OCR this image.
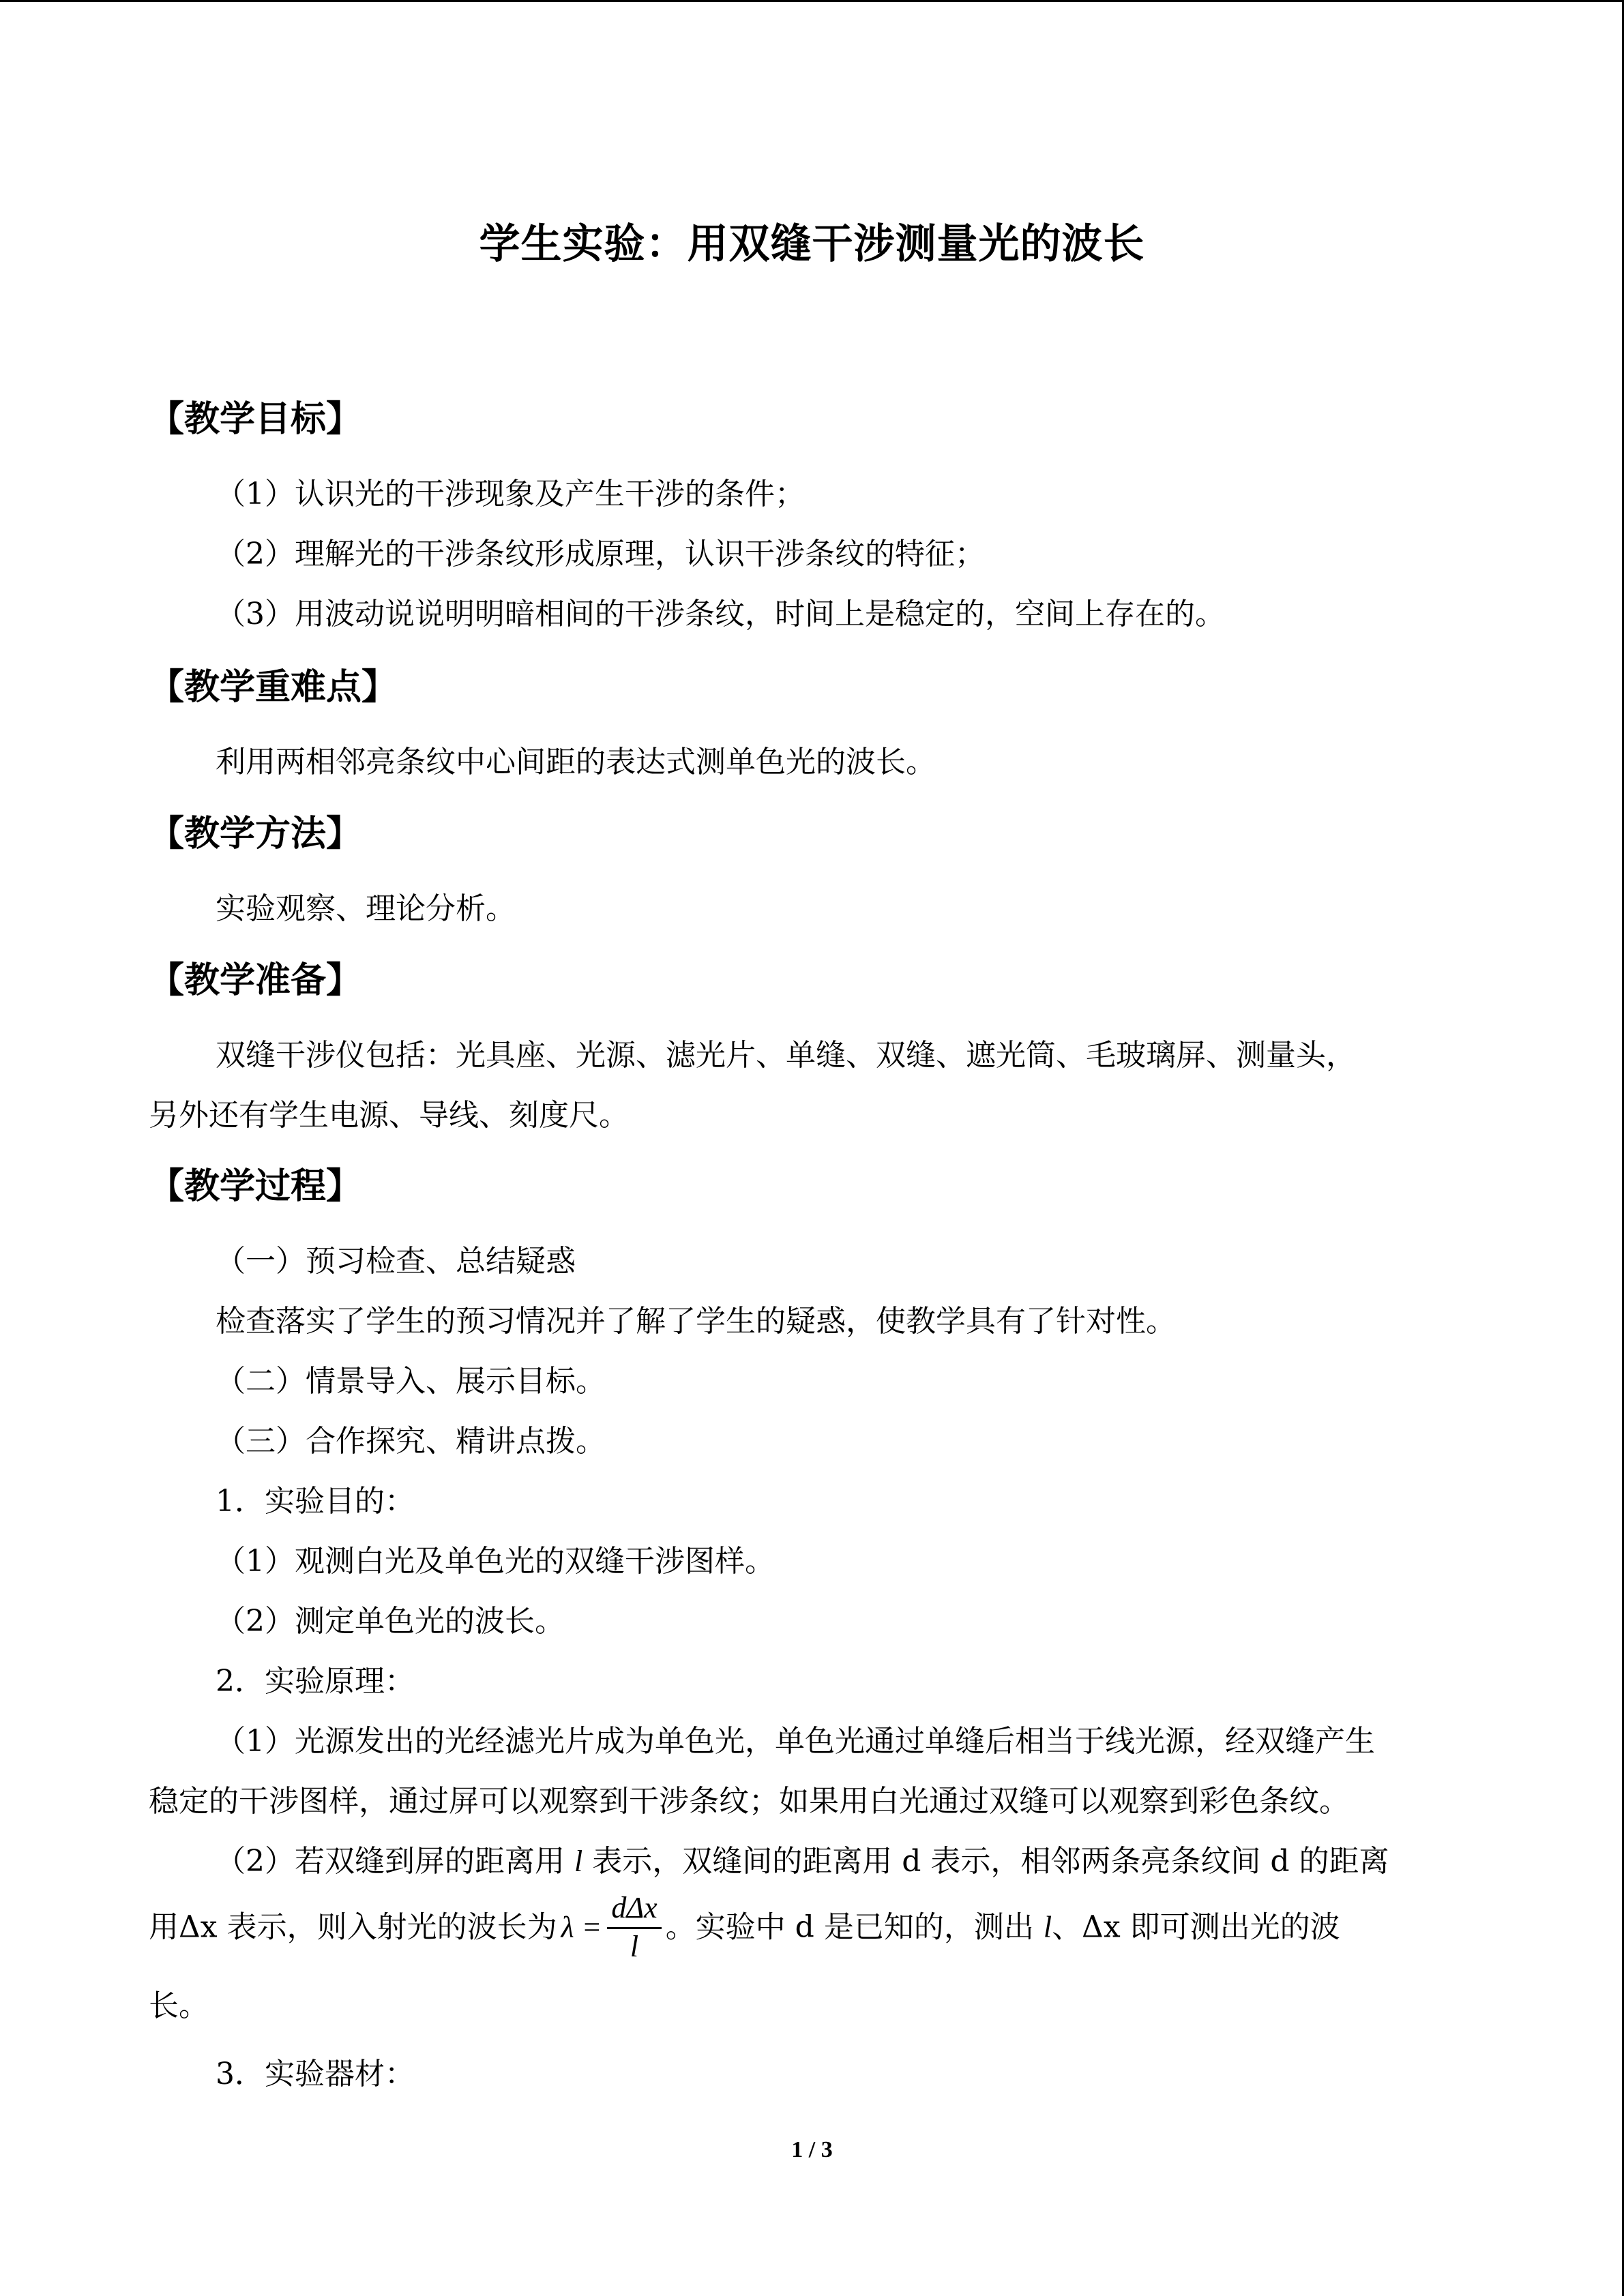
学生实验：用双缝干涉测量光的波长
【教学目标】
（1）认识光的干涉现象及产生干涉的条件；
（2）理解光的干涉条纹形成原理，认识干涉条纹的特征；
（3）用波动说说明明暗相间的干涉条纹，时间上是稳定的，空间上存在的。
【教学重难点】
利用两相邻亮条纹中心间距的表达式测单色光的波长。
【教学方法】
实验观察、理论分析。
【教学准备】
双缝干涉仪包括：光具座、光源、滤光片、单缝、双缝、遮光筒、毛玻璃屏、测量头，
另外还有学生电源、导线、刻度尺。
【教学过程】
（一）预习检查、总结疑惑
检查落实了学生的预习情况并了解了学生的疑惑，使教学具有了针对性。
（二）情景导入、展示目标。
（三）合作探究、精讲点拨。
1．实验目的：
（1）观测白光及单色光的双缝干涉图样。
（2）测定单色光的波长。
2．实验原理：
（1）光源发出的光经滤光片成为单色光，单色光通过单缝后相当于线光源，经双缝产生
稳定的干涉图样，通过屏可以观察到干涉条纹；如果用白光通过双缝可以观察到彩色条纹。
（2）若双缝到屏的距离用 l 表示，双缝间的距离用 d 表示，相邻两条亮条纹间 d 的距离
用Δx 表示，则入射光的波长为 $\lambda = \frac{\text{dΔx}}{l}$ 。实验中 d 是已知的，测出 l、Δx 即可测出光的波
长。
3．实验器材：
1 / 3
